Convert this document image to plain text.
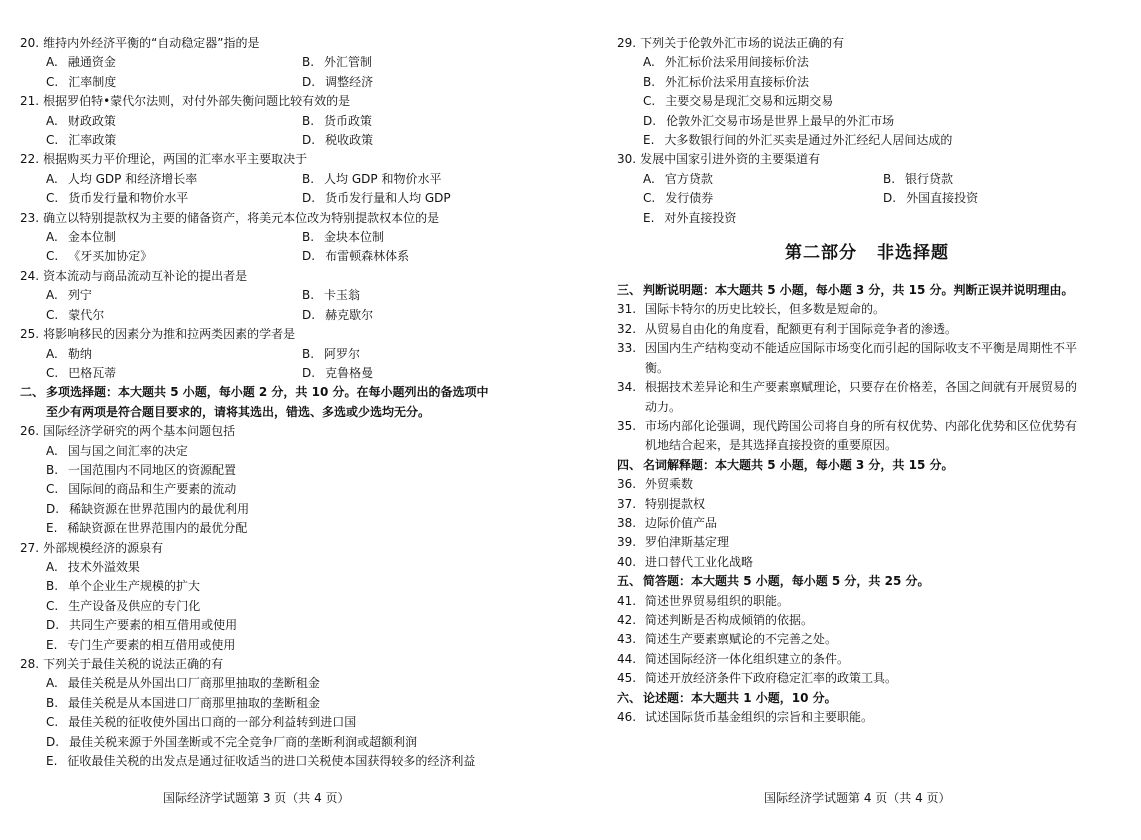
20. 维持内外经济平衡的“自动稳定器”指的是
A. 融通资金	B. 外汇管制
C. 汇率制度	D. 调整经济
21. 根据罗伯特•蒙代尔法则，对付外部失衡问题比较有效的是
A. 财政政策	B. 货币政策
C. 汇率政策	D. 税收政策
22. 根据购买力平价理论，两国的汇率水平主要取决于
A. 人均 GDP 和经济增长率	B. 人均 GDP 和物价水平
C. 货币发行量和物价水平	D. 货币发行量和人均 GDP
23. 确立以特别提款权为主要的储备资产，将美元本位改为特别提款权本位的是
A. 金本位制	B. 金块本位制
C. 《牙买加协定》	D. 布雷顿森林体系
24. 资本流动与商品流动互补论的提出者是
A. 列宁	B. 卡玉翁
C. 蒙代尔	D. 赫克歇尔
25. 将影响移民的因素分为推和拉两类因素的学者是
A. 勒纳	B. 阿罗尔
C. 巴格瓦蒂	D. 克鲁格曼
二、 多项选择题：本大题共 5 小题，每小题 2 分，共 10 分。在每小题列出的备选项中
至少有两项是符合题目要求的，请将其选出，错选、多选或少选均无分。
26. 国际经济学研究的两个基本问题包括
A. 国与国之间汇率的决定
B. 一国范围内不同地区的资源配置
C. 国际间的商品和生产要素的流动
D. 稀缺资源在世界范围内的最优利用
E. 稀缺资源在世界范围内的最优分配
27. 外部规模经济的源泉有
A. 技术外溢效果
B. 单个企业生产规模的扩大
C. 生产设备及供应的专门化
D. 共同生产要素的相互借用或使用
E. 专门生产要素的相互借用或使用
28. 下列关于最佳关税的说法正确的有
A. 最佳关税是从外国出口厂商那里抽取的垄断租金
B. 最佳关税是从本国进口厂商那里抽取的垄断租金
C. 最佳关税的征收使外国出口商的一部分利益转到进口国
D. 最佳关税来源于外国垄断或不完全竞争厂商的垄断利润或超额利润
E. 征收最佳关税的出发点是通过征收适当的进口关税使本国获得较多的经济利益
29. 下列关于伦敦外汇市场的说法正确的有
A. 外汇标价法采用间接标价法
B. 外汇标价法采用直接标价法
C. 主要交易是现汇交易和远期交易
D. 伦敦外汇交易市场是世界上最早的外汇市场
E. 大多数银行间的外汇买卖是通过外汇经纪人居间达成的
30. 发展中国家引进外资的主要渠道有
A. 官方贷款	B. 银行贷款
C. 发行债券	D. 外国直接投资
E. 对外直接投资
第二部分 非选择题
三、 判断说明题：本大题共 5 小题，每小题 3 分，共 15 分。判断正误并说明理由。
31. 国际卡特尔的历史比较长，但多数是短命的。
32. 从贸易自由化的角度看，配额更有利于国际竞争者的渗透。
33. 因国内生产结构变动不能适应国际市场变化而引起的国际收支不平衡是周期性不平
衡。
34. 根据技术差异论和生产要素禀赋理论，只要存在价格差，各国之间就有开展贸易的
动力。
35. 市场内部化论强调，现代跨国公司将自身的所有权优势、内部化优势和区位优势有
机地结合起来，是其选择直接投资的重要原因。
四、 名词解释题：本大题共 5 小题，每小题 3 分，共 15 分。
36. 外贸乘数
37. 特别提款权
38. 边际价值产品
39. 罗伯津斯基定理
40. 进口替代工业化战略
五、 简答题：本大题共 5 小题，每小题 5 分，共 25 分。
41. 简述世界贸易组织的职能。
42. 简述判断是否构成倾销的依据。
43. 简述生产要素禀赋论的不完善之处。
44. 简述国际经济一体化组织建立的条件。
45. 简述开放经济条件下政府稳定汇率的政策工具。
六、 论述题：本大题共 1 小题，10 分。
46. 试述国际货币基金组织的宗旨和主要职能。
国际经济学试题第 3 页（共 4 页）	国际经济学试题第 4 页（共 4 页）
